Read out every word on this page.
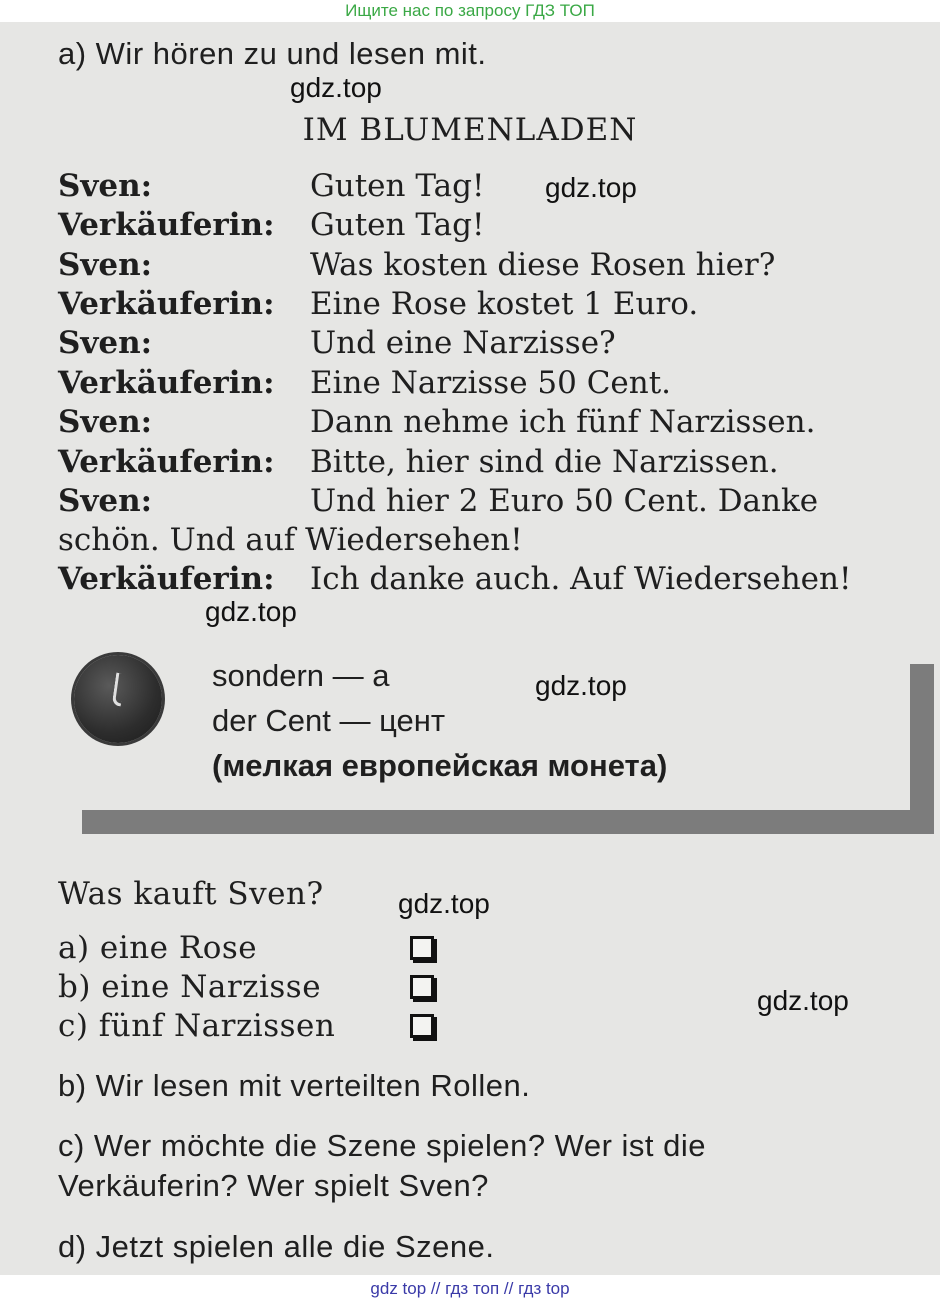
Ищите нас по запросу ГДЗ ТОП
a) Wir hören zu und lesen mit.
gdz.top
IM BLUMENLADEN
gdz.top
Sven:	Guten Tag!
Verkäuferin: Guten Tag!
Sven:	Was kosten diese Rosen hier?
Verkäuferin: Eine Rose kostet 1 Euro.
Sven:	Und eine Narzisse?
Verkäuferin: Eine Narzisse 50 Cent.
Sven:	Dann nehme ich fünf Narzissen.
Verkäuferin: Bitte, hier sind die Narzissen.
Sven:	Und hier 2 Euro 50 Cent. Danke
schön. Und auf Wiedersehen!
Verkäuferin: Ich danke auch. Auf Wiedersehen!
gdz.top
sondern — а
der Cent — цент
(мелкая европейская монета)
gdz.top
Was kauft Sven?	gdz.top
a) eine Rose
b) eine Narzisse
c) fünf Narzissen
gdz.top
b) Wir lesen mit verteilten Rollen.
c) Wer möchte die Szene spielen? Wer ist die
Verkäuferin? Wer spielt Sven?
d) Jetzt spielen alle die Szene.
gdz top // гдз топ // гдз top
